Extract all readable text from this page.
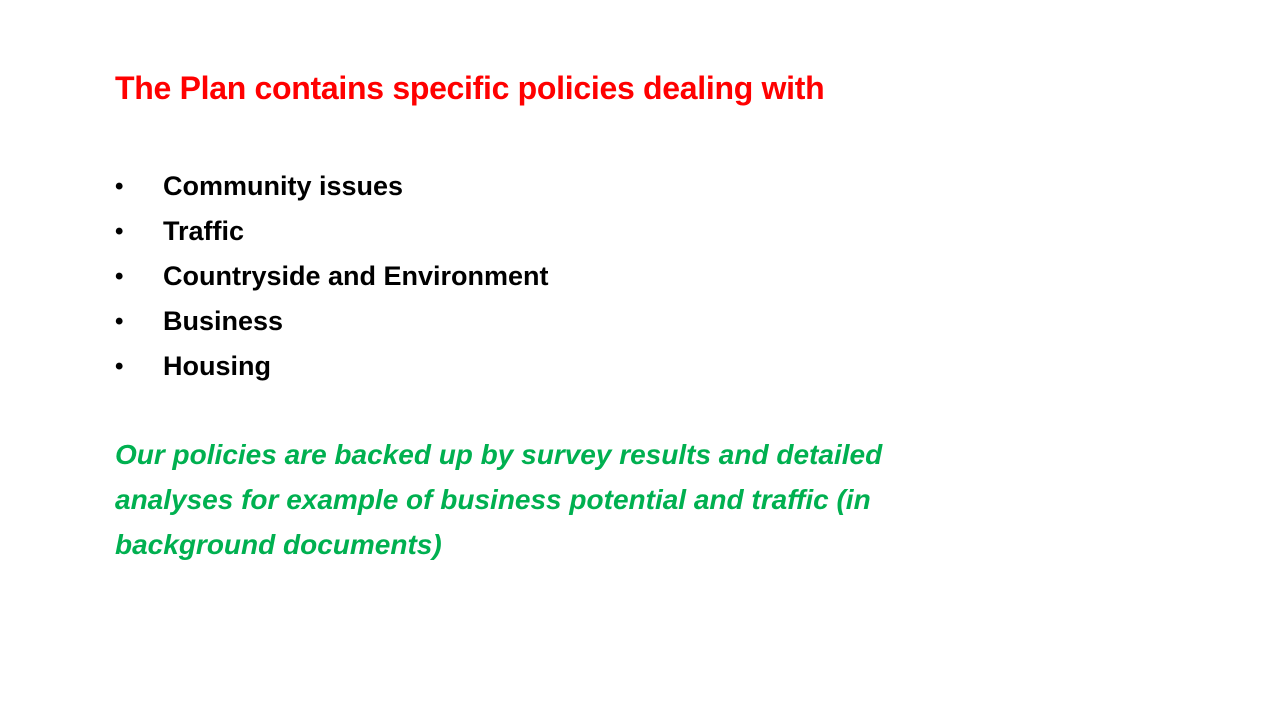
The Plan contains specific policies dealing with
•	Community issues
•	Traffic
•	Countryside and Environment
•	Business
•	Housing
Our policies are backed up by survey results and detailed
analyses for example of business potential and traffic (in
background documents)
